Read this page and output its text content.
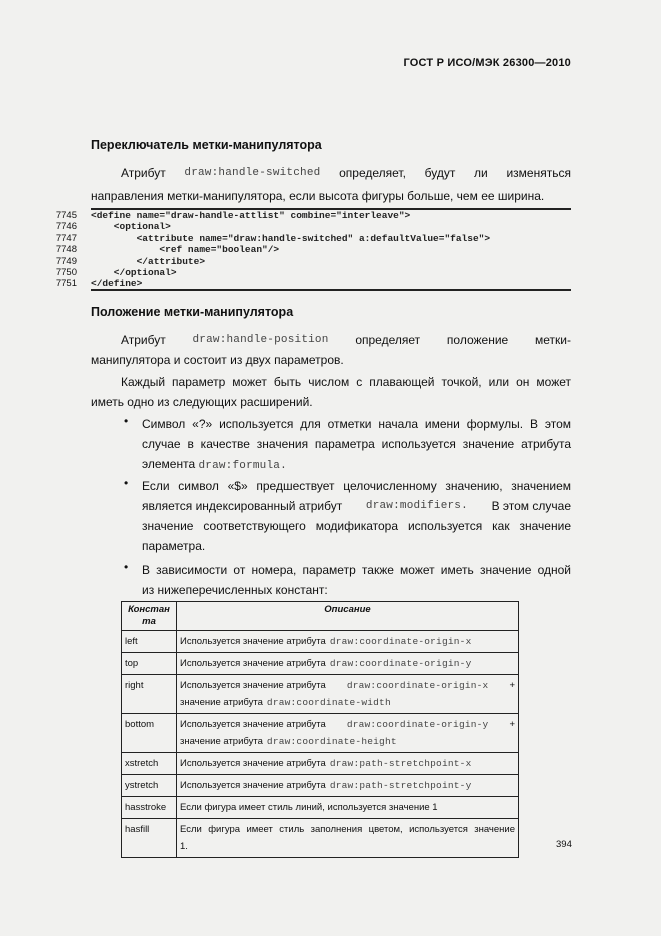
ГОСТ Р ИСО/МЭК 26300—2010
Переключатель метки-манипулятора
Атрибут draw:handle-switched определяет, будут ли изменяться
направления метки-манипулятора, если высота фигуры больше, чем ее ширина.
7745 <define name="draw-handle-attlist" combine="interleave">
7746 <optional>
7747 <attribute name="draw:handle-switched" a:defaultValue="false">
7748 <ref name="boolean"/>
7749 </attribute>
7750 </optional>
7751 </define>
Положение метки-манипулятора
Атрибут draw:handle-position определяет положение метки-
манипулятора и состоит из двух параметров.
Каждый параметр может быть числом с плавающей точкой, или он может
иметь одно из следующих расширений.
• Символ «?» используется для отметки начала имени формулы. В этом
случае в качестве значения параметра используется значение атрибута
элемента draw:formula.
• Если символ «$» предшествует целочисленному значению, значением
является индексированный атрибут draw:modifiers. В этом случае
значение соответствующего модификатора используется как значение
параметра.
• В зависимости от номера, параметр также может иметь значение одной
из нижеперечисленных констант:
Констан та	Описание
left	Используется значение атрибута draw:coordinate-origin-x

top	Используется значение атрибута draw:coordinate-origin-y

right	Используется значение атрибута draw:coordinate-origin-x +
значение атрибута draw:coordinate-width

bottom	Используется значение атрибута draw:coordinate-origin-y +
значение атрибута draw:coordinate-height

xstretch	Используется значение атрибута draw:path-stretchpoint-x

ystretch	Используется значение атрибута draw:path-stretchpoint-y

hasstroke	Если фигура имеет стиль линий, используется значение 1

hasfill	Если фигура имеет стиль заполнения цветом, используется значение
1.	394
